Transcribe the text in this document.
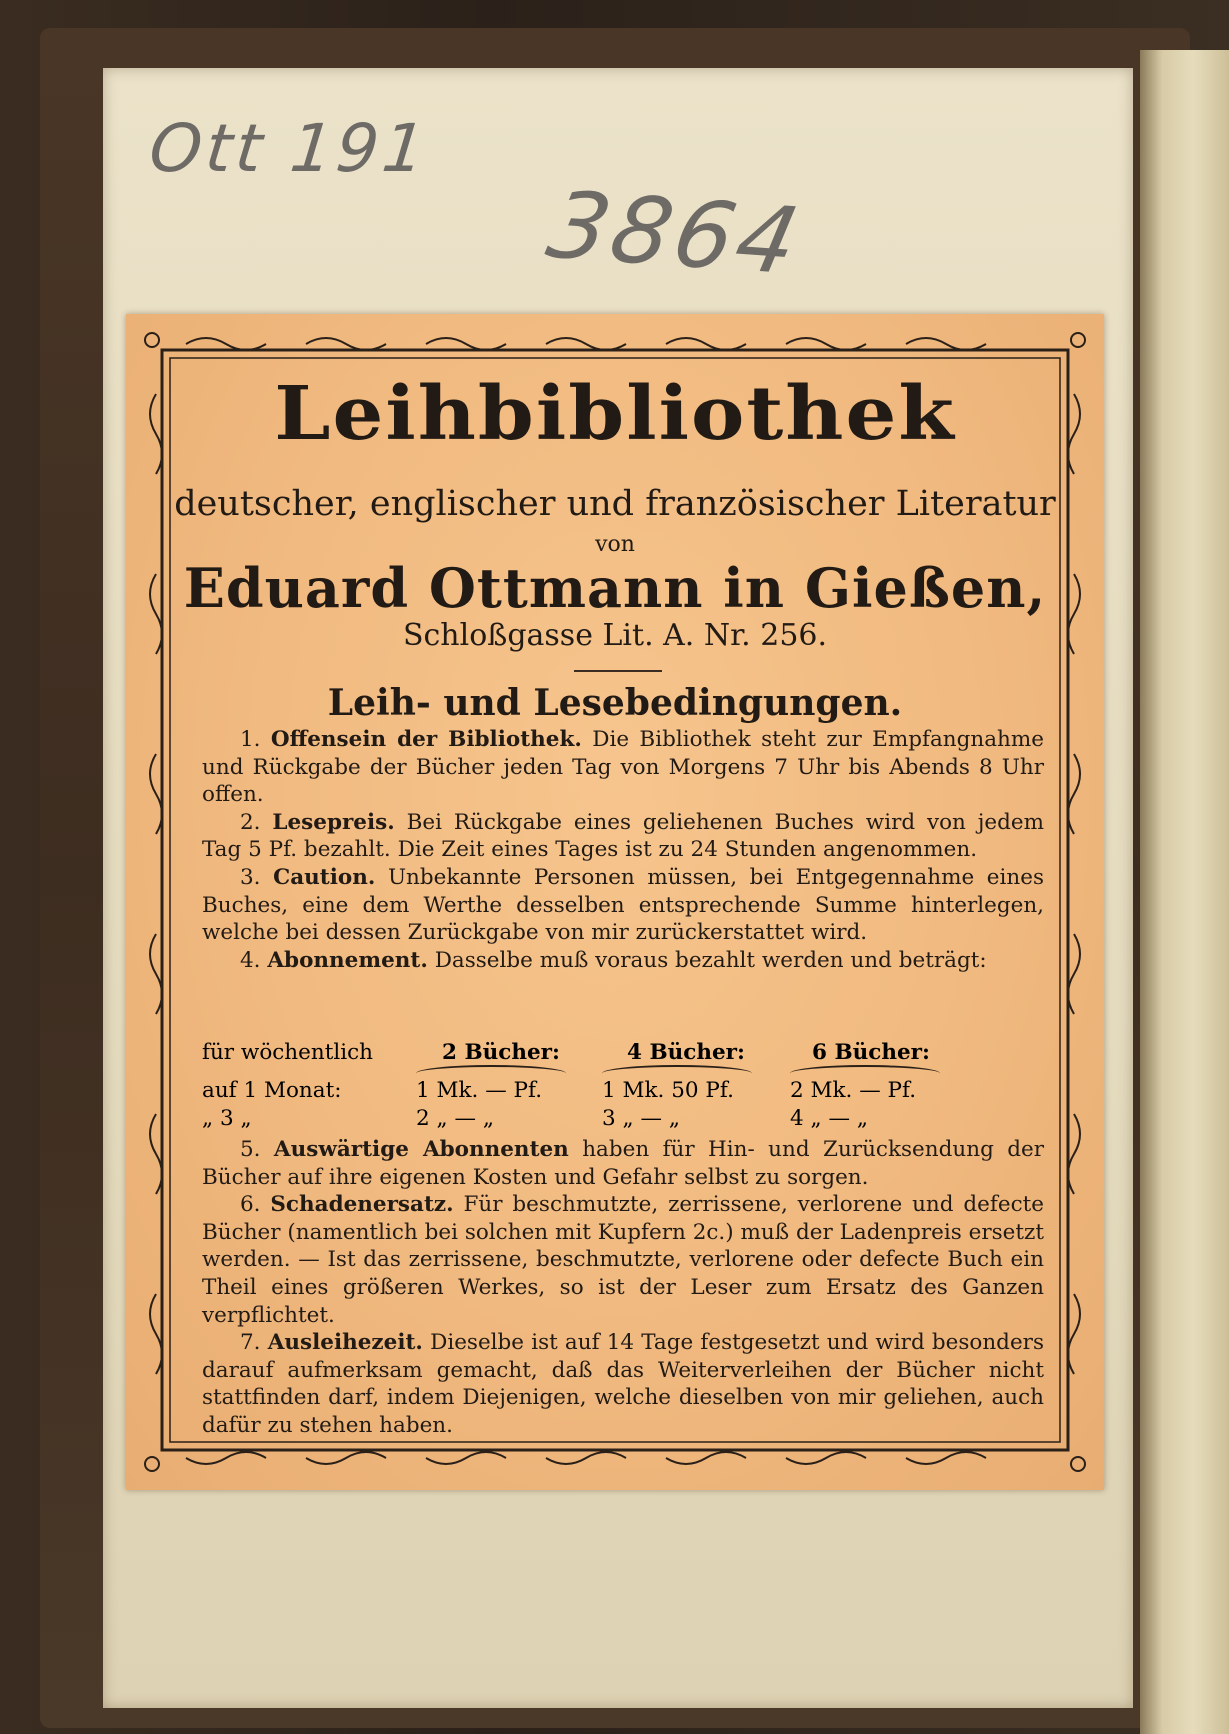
Ott 191
3864
Leihbibliothek
deutscher, englischer und französischer Literatur
von
Eduard Ottmann in Gießen,
Schloßgasse Lit. A. Nr. 256.
Leih- und Lesebedingungen.

1. Offensein der Bibliothek. Die Bibliothek steht zur Empfangnahme und Rückgabe der Bücher jeden Tag von Morgens 7 Uhr bis Abends 8 Uhr offen.

2. Lesepreis. Bei Rückgabe eines geliehenen Buches wird von jedem Tag 5 Pf. bezahlt. Die Zeit eines Tages ist zu 24 Stunden angenommen.

3. Caution. Unbekannte Personen müssen, bei Entgegennahme eines Buches, eine dem Werthe desselben entsprechende Summe hinterlegen, welche bei dessen Zurückgabe von mir zurückerstattet wird.

4. Abonnement. Dasselbe muß voraus bezahlt werden und beträgt:

für wöchentlich	2 Bücher:	4 Bücher:	6 Bücher:
auf 1 Monat:	1 Mk. — Pf.	1 Mk. 50 Pf.	2 Mk. — Pf.
„ 3 „	2 „ — „	3 „ — „	4 „ — „

5. Auswärtige Abonnenten haben für Hin- und Zurücksendung der Bücher auf ihre eigenen Kosten und Gefahr selbst zu sorgen.

6. Schadenersatz. Für beschmutzte, zerrissene, verlorene und defecte Bücher (namentlich bei solchen mit Kupfern 2c.) muß der Ladenpreis ersetzt werden. — Ist das zerrissene, beschmutzte, verlorene oder defecte Buch ein Theil eines größeren Werkes, so ist der Leser zum Ersatz des Ganzen verpflichtet.

7. Ausleihezeit. Dieselbe ist auf 14 Tage festgesetzt und wird besonders darauf aufmerksam gemacht, daß das Weiterverleihen der Bücher nicht stattfinden darf, indem Diejenigen, welche dieselben von mir geliehen, auch dafür zu stehen haben.
